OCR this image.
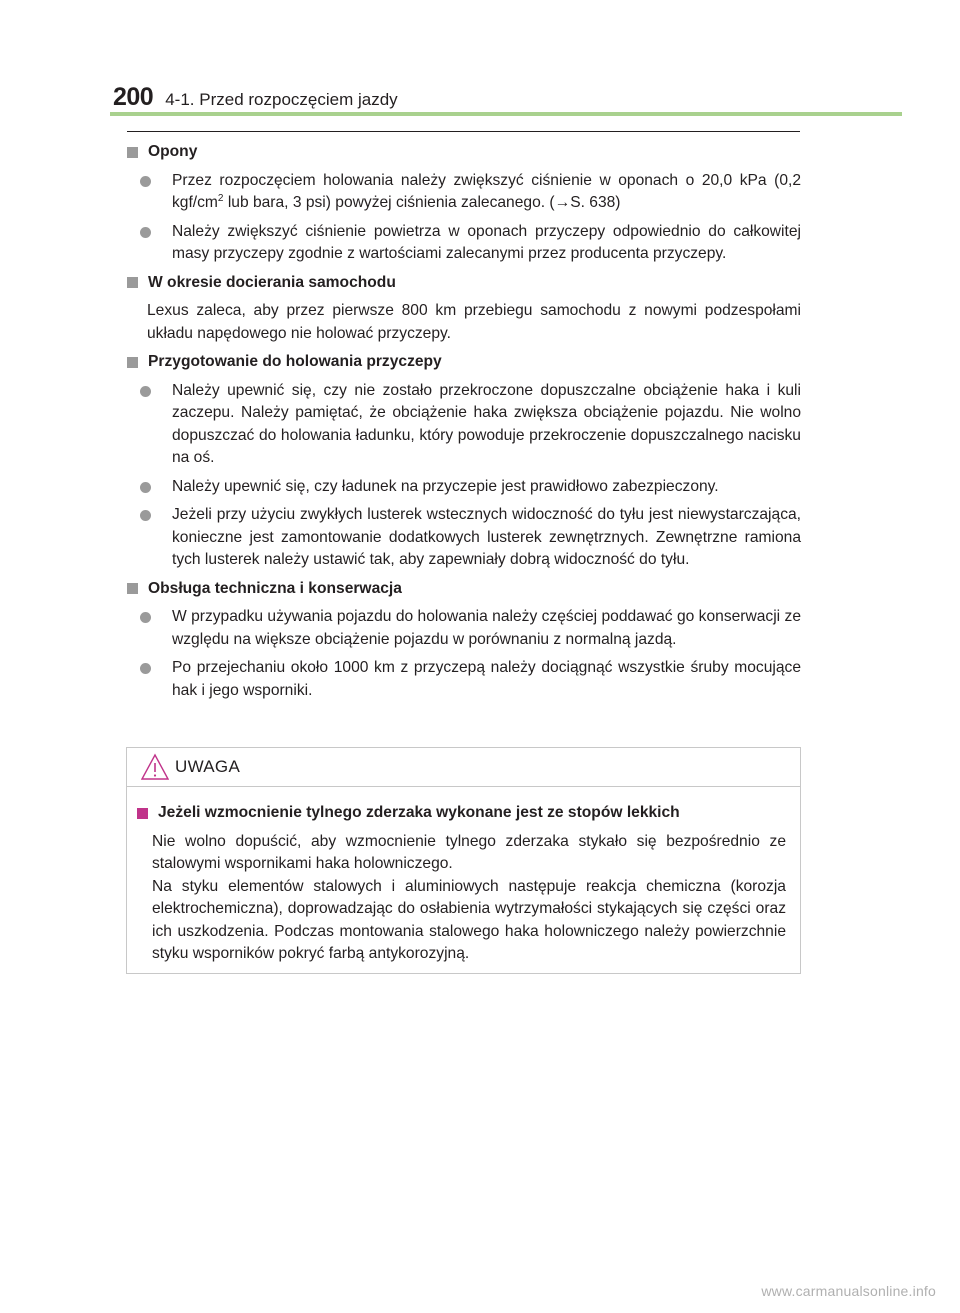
200 4-1. Przed rozpoczęciem jazdy
Opony
Przez rozpoczęciem holowania należy zwiększyć ciśnienie w oponach o 20,0 kPa (0,2 kgf/$cm^2$ lub bara, 3 psi) powyżej ciśnienia zalecanego. (→S. 638)
Należy zwiększyć ciśnienie powietrza w oponach przyczepy odpowiednio do całkowitej masy przyczepy zgodnie z wartościami zalecanymi przez producenta przyczepy.
W okresie docierania samochodu
Lexus zaleca, aby przez pierwsze 800 km przebiegu samochodu z nowymi podzespołami układu napędowego nie holować przyczepy.
Przygotowanie do holowania przyczepy
Należy upewnić się, czy nie zostało przekroczone dopuszczalne obciążenie haka i kuli zaczepu. Należy pamiętać, że obciążenie haka zwiększa obciążenie pojazdu. Nie wolno dopuszczać do holowania ładunku, który powoduje przekroczenie dopuszczalnego nacisku na oś.
Należy upewnić się, czy ładunek na przyczepie jest prawidłowo zabezpieczony.
Jeżeli przy użyciu zwykłych lusterek wstecznych widoczność do tyłu jest niewystarczająca, konieczne jest zamontowanie dodatkowych lusterek zewnętrznych. Zewnętrzne ramiona tych lusterek należy ustawić tak, aby zapewniały dobrą widoczność do tyłu.
Obsługa techniczna i konserwacja
W przypadku używania pojazdu do holowania należy częściej poddawać go konserwacji ze względu na większe obciążenie pojazdu w porównaniu z normalną jazdą.
Po przejechaniu około 1000 km z przyczepą należy dociągnąć wszystkie śruby mocujące hak i jego wsporniki.
UWAGA
Jeżeli wzmocnienie tylnego zderzaka wykonane jest ze stopów lekkich
Nie wolno dopuścić, aby wzmocnienie tylnego zderzaka stykało się bezpośrednio ze stalowymi wspornikami haka holowniczego.
Na styku elementów stalowych i aluminiowych następuje reakcja chemiczna (korozja elektrochemiczna), doprowadzając do osłabienia wytrzymałości stykających się części oraz ich uszkodzenia. Podczas montowania stalowego haka holowniczego należy powierzchnie styku wsporników pokryć farbą antykorozyjną.
www.carmanualsonline.info
